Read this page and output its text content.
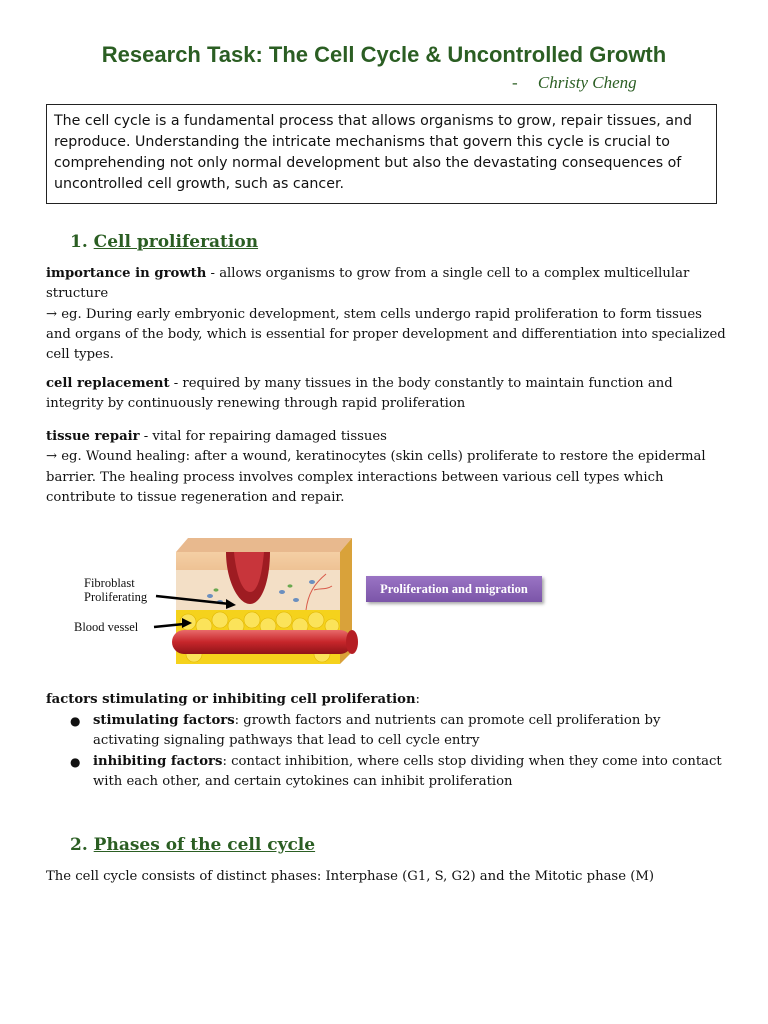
Research Task: The Cell Cycle & Uncontrolled Growth
- Christy Cheng
The cell cycle is a fundamental process that allows organisms to grow, repair tissues, and reproduce. Understanding the intricate mechanisms that govern this cycle is crucial to comprehending not only normal development but also the devastating consequences of uncontrolled cell growth, such as cancer.
1. Cell proliferation

importance in growth - allows organisms to grow from a single cell to a complex multicellular structure
→ eg. During early embryonic development, stem cells undergo rapid proliferation to form tissues and organs of the body, which is essential for proper development and differentiation into specialized cell types.

cell replacement - required by many tissues in the body constantly to maintain function and integrity by continuously renewing through rapid proliferation

tissue repair - vital for repairing damaged tissues
→ eg. Wound healing: after a wound, keratinocytes (skin cells) proliferate to restore the epidermal barrier. The healing process involves complex interactions between various cell types which contribute to tissue regeneration and repair.

Fibroblast
Proliferating
Blood vessel
Proliferation and migration

factors stimulating or inhibiting cell proliferation:

● stimulating factors: growth factors and nutrients can promote cell proliferation by activating signaling pathways that lead to cell cycle entry
● inhibiting factors: contact inhibition, where cells stop dividing when they come into contact with each other, and certain cytokines can inhibit proliferation
2. Phases of the cell cycle

The cell cycle consists of distinct phases: Interphase (G1, S, G2) and the Mitotic phase (M)
